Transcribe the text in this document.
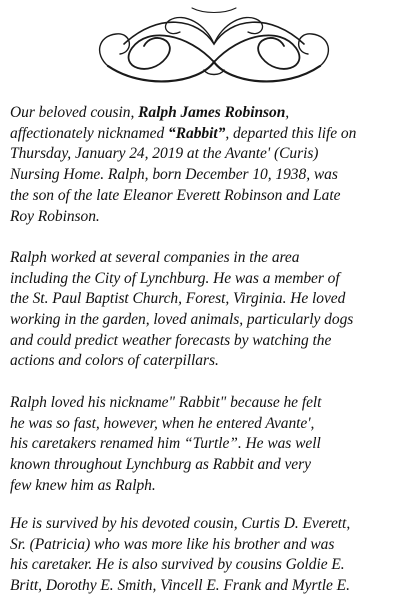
Our beloved cousin, Ralph James Robinson,
affectionately nicknamed “Rabbit”, departed this life on
Thursday, January 24, 2019 at the Avante' (Curis)
Nursing Home. Ralph, born December 10, 1938, was
the son of the late Eleanor Everett Robinson and Late
Roy Robinson.

Ralph worked at several companies in the area
including the City of Lynchburg. He was a member of
the St. Paul Baptist Church, Forest, Virginia. He loved
working in the garden, loved animals, particularly dogs
and could predict weather forecasts by watching the
actions and colors of caterpillars.

Ralph loved his nickname" Rabbit" because he felt
he was so fast, however, when he entered Avante',
his caretakers renamed him “Turtle”. He was well
known throughout Lynchburg as Rabbit and very
few knew him as Ralph.

He is survived by his devoted cousin, Curtis D. Everett,
Sr. (Patricia) who was more like his brother and was
his caretaker. He is also survived by cousins Goldie E.
Britt, Dorothy E. Smith, Vincell E. Frank and Myrtle E.
